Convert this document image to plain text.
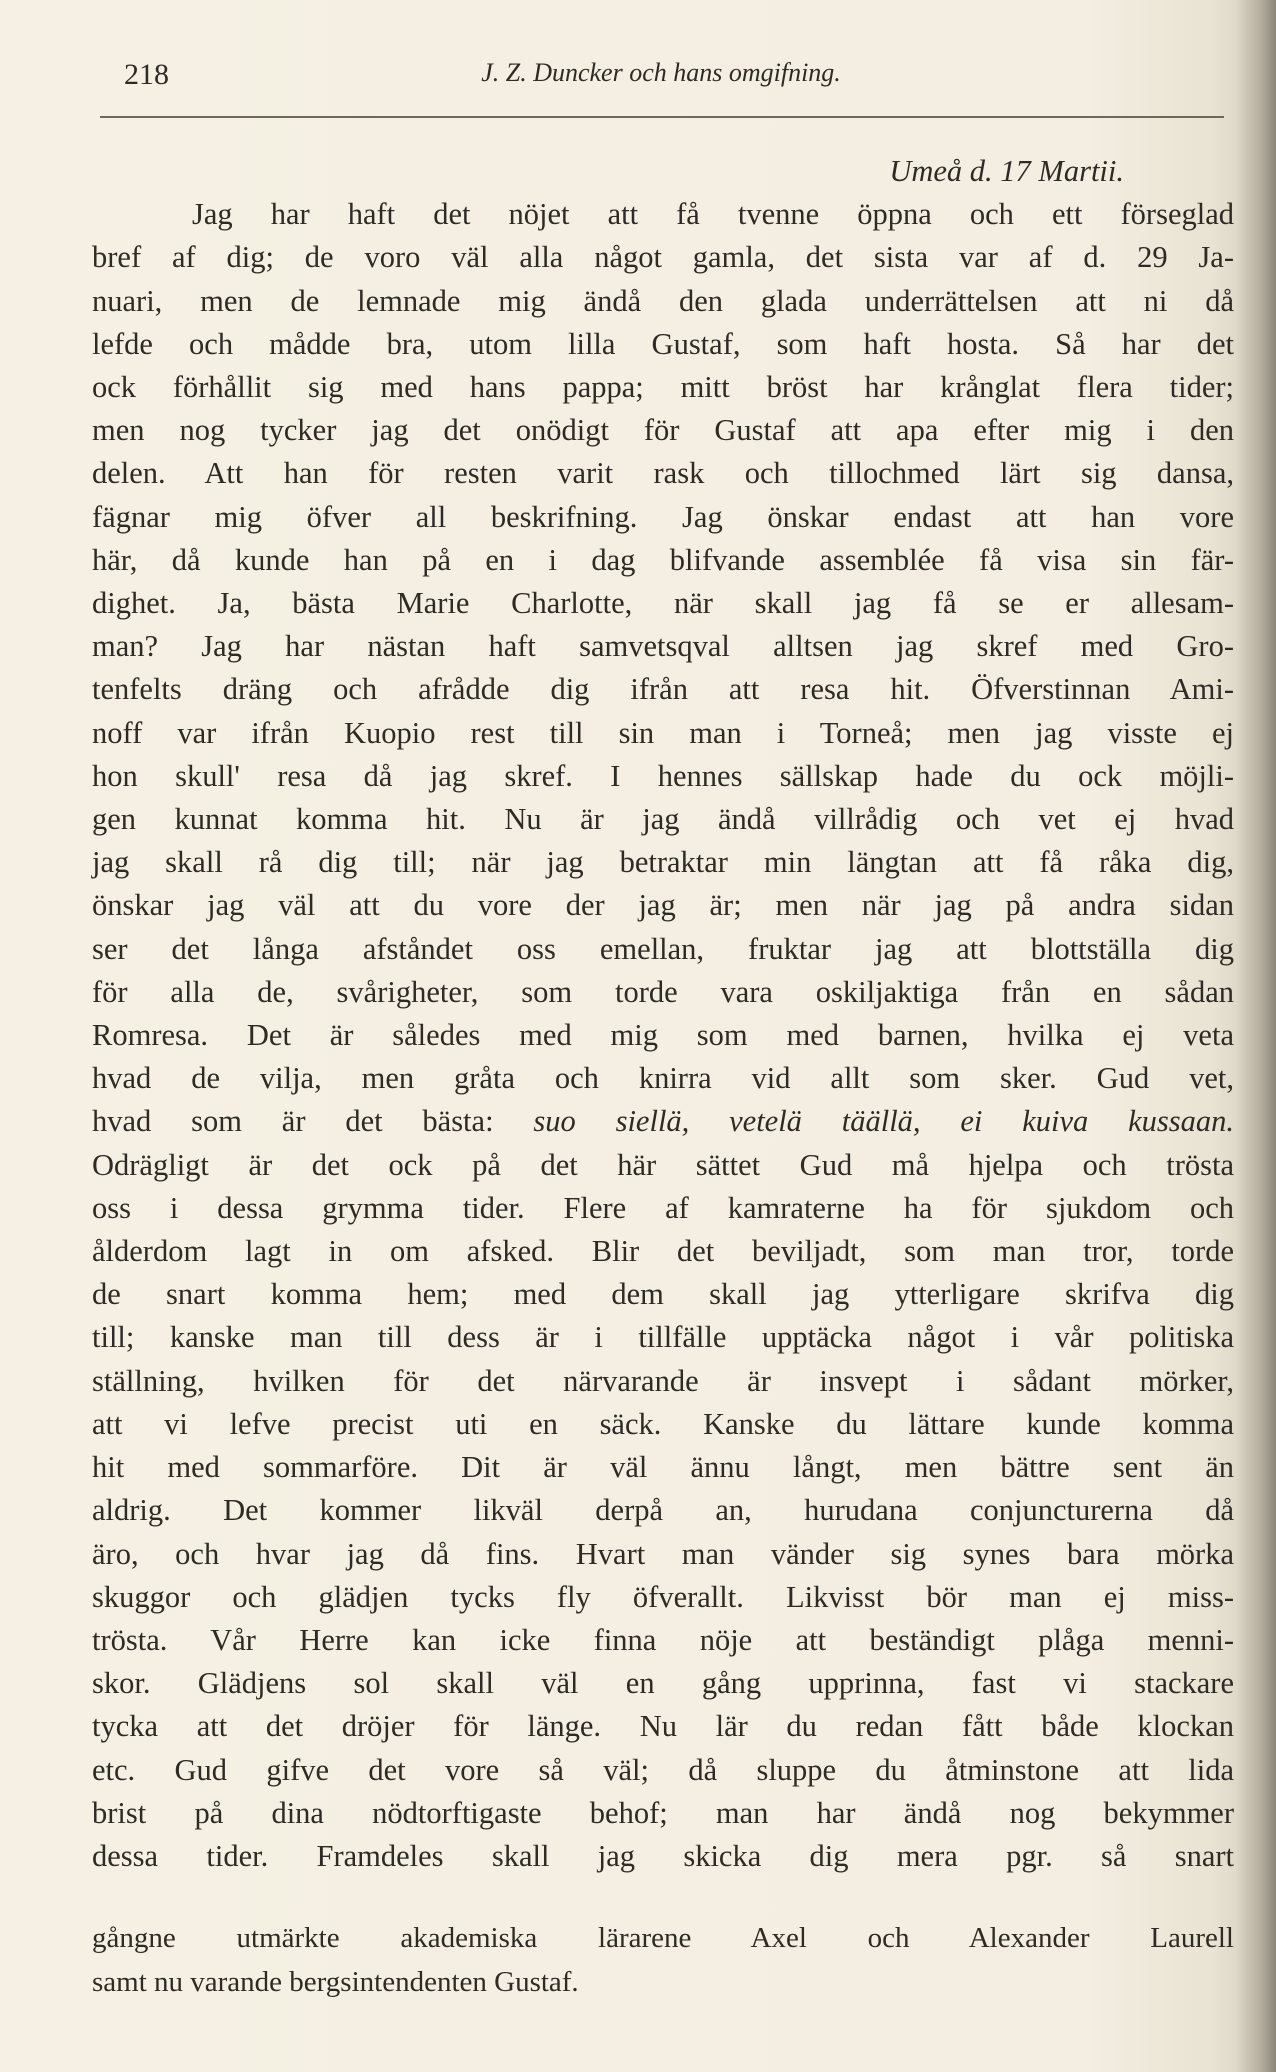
218	J. Z. Duncker och hans omgifning.
Umeå d. 17 Martii.
Jag har haft det nöjet att få tvenne öppna och ett förseglad
bref af dig; de voro väl alla något gamla, det sista var af d. 29 Ja-
nuari, men de lemnade mig ändå den glada underrättelsen att ni då
lefde och mådde bra, utom lilla Gustaf, som haft hosta. Så har det
ock förhållit sig med hans pappa; mitt bröst har krånglat flera tider;
men nog tycker jag det onödigt för Gustaf att apa efter mig i den
delen. Att han för resten varit rask och tillochmed lärt sig dansa,
fägnar mig öfver all beskrifning. Jag önskar endast att han vore
här, då kunde han på en i dag blifvande assemblée få visa sin fär-
dighet. Ja, bästa Marie Charlotte, när skall jag få se er allesam-
man? Jag har nästan haft samvetsqval alltsen jag skref med Gro-
tenfelts dräng och afrådde dig ifrån att resa hit. Öfverstinnan Ami-
noff var ifrån Kuopio rest till sin man i Torneå; men jag visste ej
hon skull' resa då jag skref. I hennes sällskap hade du ock möjli-
gen kunnat komma hit. Nu är jag ändå villrådig och vet ej hvad
jag skall rå dig till; när jag betraktar min längtan att få råka dig,
önskar jag väl att du vore der jag är; men när jag på andra sidan
ser det långa afståndet oss emellan, fruktar jag att blottställa dig
för alla de, svårigheter, som torde vara oskiljaktiga från en sådan
Romresa. Det är således med mig som med barnen, hvilka ej veta
hvad de vilja, men gråta och knirra vid allt som sker. Gud vet,
hvad som är det bästa: suo siellä, vetelä täällä, ei kuiva kussaan.
Odrägligt är det ock på det här sättet Gud må hjelpa och trösta
oss i dessa grymma tider. Flere af kamraterne ha för sjukdom och
ålderdom lagt in om afsked. Blir det beviljadt, som man tror, torde
de snart komma hem; med dem skall jag ytterligare skrifva dig
till; kanske man till dess är i tillfälle upptäcka något i vår politiska
ställning, hvilken för det närvarande är insvept i sådant mörker,
att vi lefve precist uti en säck. Kanske du lättare kunde komma
hit med sommarföre. Dit är väl ännu långt, men bättre sent än
aldrig. Det kommer likväl derpå an, hurudana conjuncturerna då
äro, och hvar jag då fins. Hvart man vänder sig synes bara mörka
skuggor och glädjen tycks fly öfverallt. Likvisst bör man ej miss-
trösta. Vår Herre kan icke finna nöje att beständigt plåga menni-
skor. Glädjens sol skall väl en gång upprinna, fast vi stackare
tycka att det dröjer för länge. Nu lär du redan fått både klockan
etc. Gud gifve det vore så väl; då sluppe du åtminstone att lida
brist på dina nödtorftigaste behof; man har ändå nog bekymmer
dessa tider. Framdeles skall jag skicka dig mera pgr. så snart
gångne utmärkte akademiska lärarene Axel och Alexander Laurell
samt nu varande bergsintendenten Gustaf.
